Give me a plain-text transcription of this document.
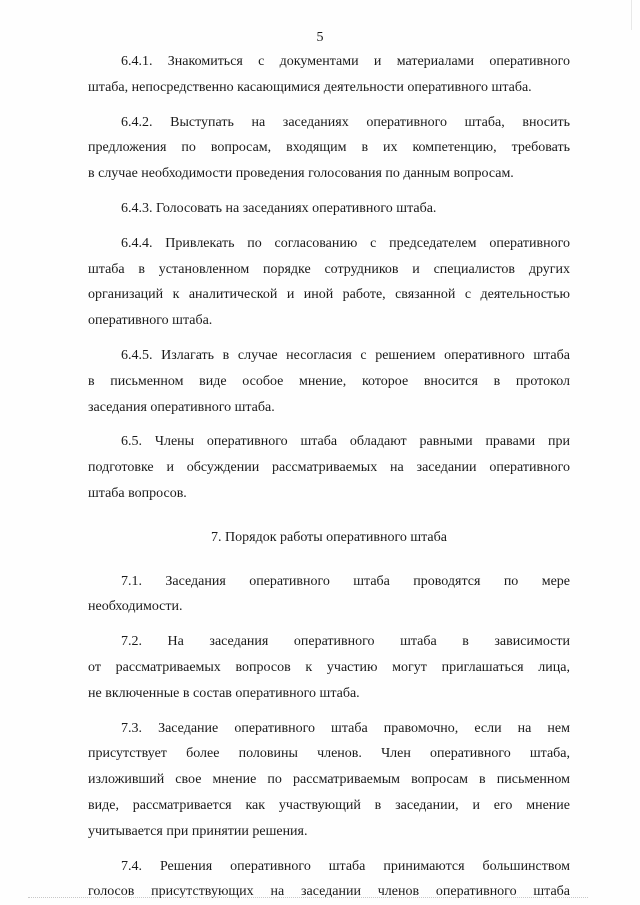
5
6.4.1. Знакомиться с документами и материалами оперативного
штаба, непосредственно касающимися деятельности оперативного штаба.
6.4.2. Выступать на заседаниях оперативного штаба, вносить
предложения по вопросам, входящим в их компетенцию, требовать
в случае необходимости проведения голосования по данным вопросам.
6.4.3. Голосовать на заседаниях оперативного штаба.
6.4.4. Привлекать по согласованию с председателем оперативного
штаба в установленном порядке сотрудников и специалистов других
организаций к аналитической и иной работе, связанной с деятельностью
оперативного штаба.
6.4.5. Излагать в случае несогласия с решением оперативного штаба
в письменном виде особое мнение, которое вносится в протокол
заседания оперативного штаба.
6.5. Члены оперативного штаба обладают равными правами при
подготовке и обсуждении рассматриваемых на заседании оперативного
штаба вопросов.
7. Порядок работы оперативного штаба
7.1. Заседания оперативного штаба проводятся по мере
необходимости.
7.2. На заседания оперативного штаба в зависимости
от рассматриваемых вопросов к участию могут приглашаться лица,
не включенные в состав оперативного штаба.
7.3. Заседание оперативного штаба правомочно, если на нем
присутствует более половины членов. Член оперативного штаба,
изложивший свое мнение по рассматриваемым вопросам в письменном
виде, рассматривается как участвующий в заседании, и его мнение
учитывается при принятии решения.
7.4. Решения оперативного штаба принимаются большинством
голосов присутствующих на заседании членов оперативного штаба
